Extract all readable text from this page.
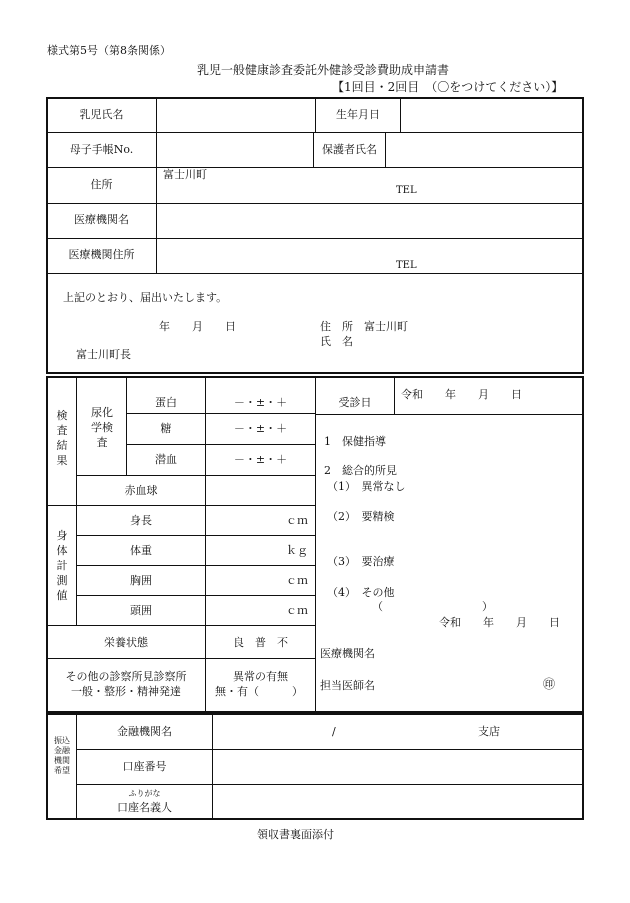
様式第5号（第8条関係）
乳児一般健康診査委託外健診受診費助成申請書
【1回目・2回目　（〇をつけてください）】
乳児氏名	生年月日
母子手帳No.	保護者氏名
住所
富士川町
TEL
医療機関名
医療機関住所
TEL
上記のとおり、届出いたします。
年　　月　　日	住　所　富士川町
氏　名
富士川町長
検査結果
尿化学検査
蛋白	－・±・＋
糖	－・±・＋
潜血	－・±・＋
赤血球
身体計測値
身長	ｃｍ
体重	ｋｇ
胸囲	ｃｍ
頭囲	ｃｍ
栄養状態	良　普　不
その他の診察所見診察所
一般・整形・精神発達
異常の有無
無・有（　　　）
受診日
令和　　年　　月　　日
1　保健指導
2　総合的所見
（1）　異常なし
（2）　要精検
（3）　要治療
（4）　その他
（　　　　　　　　　）
令和　　年　　月　　日
医療機関名
担当医師名	㊞
振込金融機関希望
金融機関名	/	支店
口座番号
ふりがな
口座名義人
領収書裏面添付
